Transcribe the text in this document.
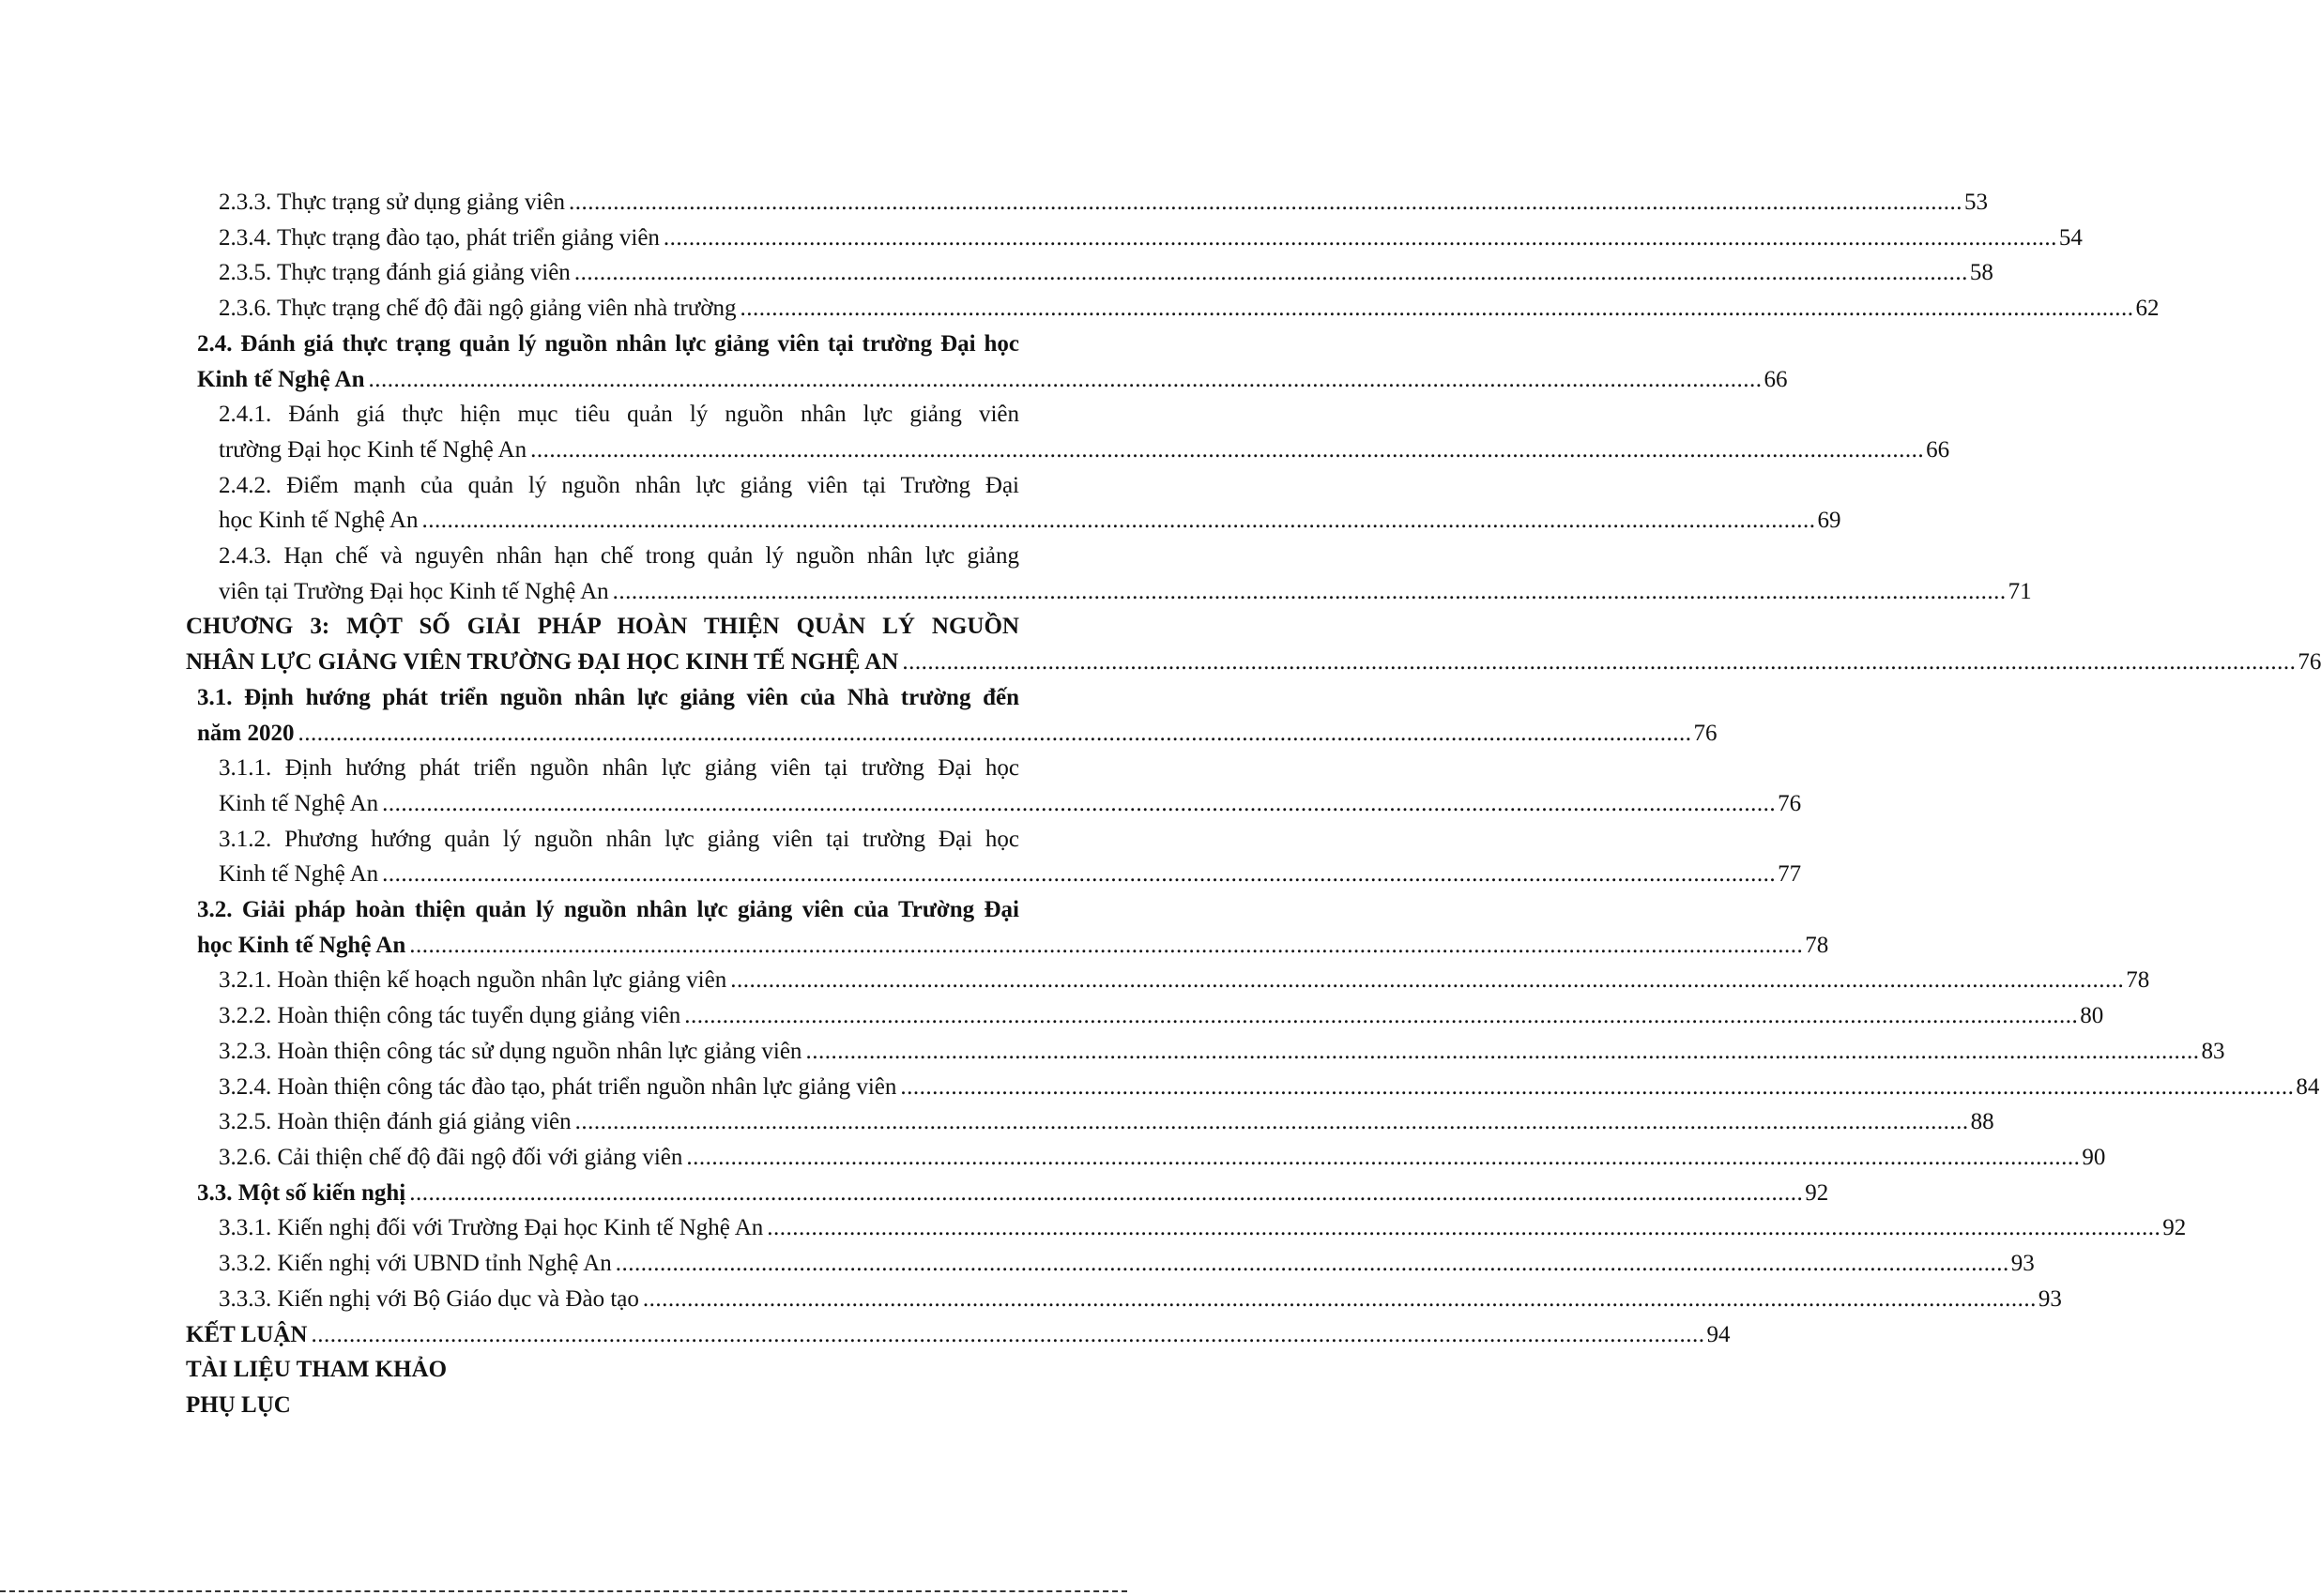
2.3.3. Thực trạng sử dụng giảng viên ............................................................................................................................................................................................................................ 53
2.3.4. Thực trạng đào tạo, phát triển giảng viên ............................................................................................................................................................................................................................ 54
2.3.5. Thực trạng đánh giá giảng viên ............................................................................................................................................................................................................................ 58
2.3.6. Thực trạng chế độ đãi ngộ giảng viên nhà trường ............................................................................................................................................................................................................................ 62
2.4. Đánh giá thực trạng quản lý nguồn nhân lực giảng viên tại trường Đại học
Kinh tế Nghệ An ............................................................................................................................................................................................................................ 66
2.4.1. Đánh giá thực hiện mục tiêu quản lý nguồn nhân lực giảng viên
trường Đại học Kinh tế Nghệ An ............................................................................................................................................................................................................................ 66
2.4.2. Điểm mạnh của quản lý nguồn nhân lực giảng viên tại Trường Đại
học Kinh tế Nghệ An ............................................................................................................................................................................................................................ 69
2.4.3. Hạn chế và nguyên nhân hạn chế trong quản lý nguồn nhân lực giảng
viên tại Trường Đại học Kinh tế Nghệ An ............................................................................................................................................................................................................................ 71
CHƯƠNG 3: MỘT SỐ GIẢI PHÁP HOÀN THIỆN QUẢN LÝ NGUỒN
NHÂN LỰC GIẢNG VIÊN TRƯỜNG ĐẠI HỌC KINH TẾ NGHỆ AN ............................................................................................................................................................................................................................ 76
3.1. Định hướng phát triển nguồn nhân lực giảng viên của Nhà trường đến
năm 2020 ............................................................................................................................................................................................................................ 76
3.1.1. Định hướng phát triển nguồn nhân lực giảng viên tại trường Đại học
Kinh tế Nghệ An ............................................................................................................................................................................................................................ 76
3.1.2. Phương hướng quản lý nguồn nhân lực giảng viên tại trường Đại học
Kinh tế Nghệ An ............................................................................................................................................................................................................................ 77
3.2. Giải pháp hoàn thiện quản lý nguồn nhân lực giảng viên của Trường Đại
học Kinh tế Nghệ An ............................................................................................................................................................................................................................ 78
3.2.1. Hoàn thiện kế hoạch nguồn nhân lực giảng viên ............................................................................................................................................................................................................................ 78
3.2.2. Hoàn thiện công tác tuyển dụng giảng viên ............................................................................................................................................................................................................................ 80
3.2.3. Hoàn thiện công tác sử dụng nguồn nhân lực giảng viên ............................................................................................................................................................................................................................ 83
3.2.4. Hoàn thiện công tác đào tạo, phát triển nguồn nhân lực giảng viên ............................................................................................................................................................................................................................ 84
3.2.5. Hoàn thiện đánh giá giảng viên ............................................................................................................................................................................................................................ 88
3.2.6. Cải thiện chế độ đãi ngộ đối với giảng viên ............................................................................................................................................................................................................................ 90
3.3. Một số kiến nghị ............................................................................................................................................................................................................................ 92
3.3.1. Kiến nghị đối với Trường Đại học Kinh tế Nghệ An ............................................................................................................................................................................................................................ 92
3.3.2. Kiến nghị với UBND tỉnh Nghệ An ............................................................................................................................................................................................................................ 93
3.3.3. Kiến nghị với Bộ Giáo dục và Đào tạo ............................................................................................................................................................................................................................ 93
KẾT LUẬN ............................................................................................................................................................................................................................ 94
TÀI LIỆU THAM KHẢO
PHỤ LỤC
